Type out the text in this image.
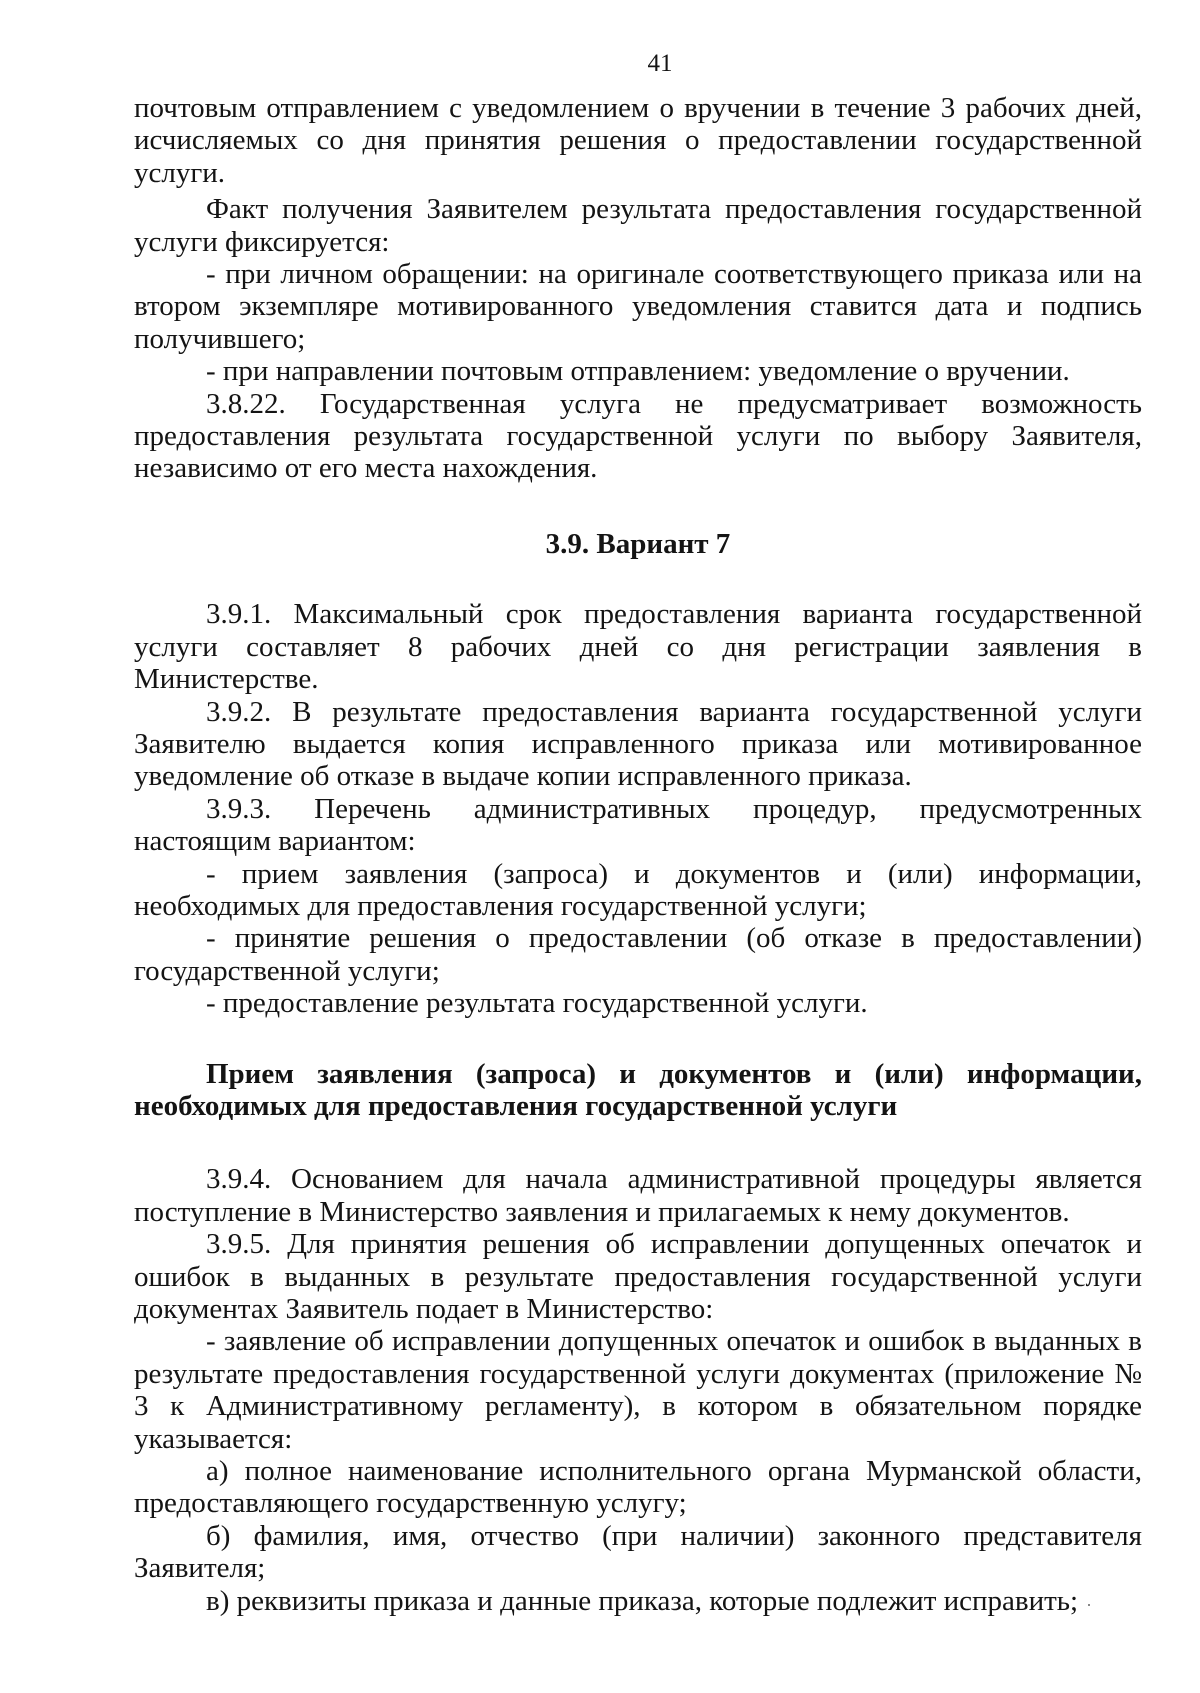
41

почтовым отправлением с уведомлением о вручении в течение 3 рабочих дней, исчисляемых со дня принятия решения о предоставлении государственной услуги.

Факт получения Заявителем результата предоставления государственной услуги фиксируется:

- при личном обращении: на оригинале соответствующего приказа или на втором экземпляре мотивированного уведомления ставится дата и подпись получившего;

- при направлении почтовым отправлением: уведомление о вручении.

3.8.22. Государственная услуга не предусматривает возможность предоставления результата государственной услуги по выбору Заявителя, независимо от его места нахождения.

3.9. Вариант 7

3.9.1. Максимальный срок предоставления варианта государственной услуги составляет 8 рабочих дней со дня регистрации заявления в Министерстве.

3.9.2. В результате предоставления варианта государственной услуги Заявителю выдается копия исправленного приказа или мотивированное уведомление об отказе в выдаче копии исправленного приказа.

3.9.3. Перечень административных процедур, предусмотренных настоящим вариантом:

- прием заявления (запроса) и документов и (или) информации, необходимых для предоставления государственной услуги;

- принятие решения о предоставлении (об отказе в предоставлении) государственной услуги;

- предоставление результата государственной услуги.

Прием заявления (запроса) и документов и (или) информации, необходимых для предоставления государственной услуги

3.9.4. Основанием для начала административной процедуры является поступление в Министерство заявления и прилагаемых к нему документов.

3.9.5. Для принятия решения об исправлении допущенных опечаток и ошибок в выданных в результате предоставления государственной услуги документах Заявитель подает в Министерство:

- заявление об исправлении допущенных опечаток и ошибок в выданных в результате предоставления государственной услуги документах (приложение № 3 к Административному регламенту), в котором в обязательном порядке указывается:

а) полное наименование исполнительного органа Мурманской области, предоставляющего государственную услугу;

б) фамилия, имя, отчество (при наличии) законного представителя Заявителя;

в) реквизиты приказа и данные приказа, которые подлежит исправить;
